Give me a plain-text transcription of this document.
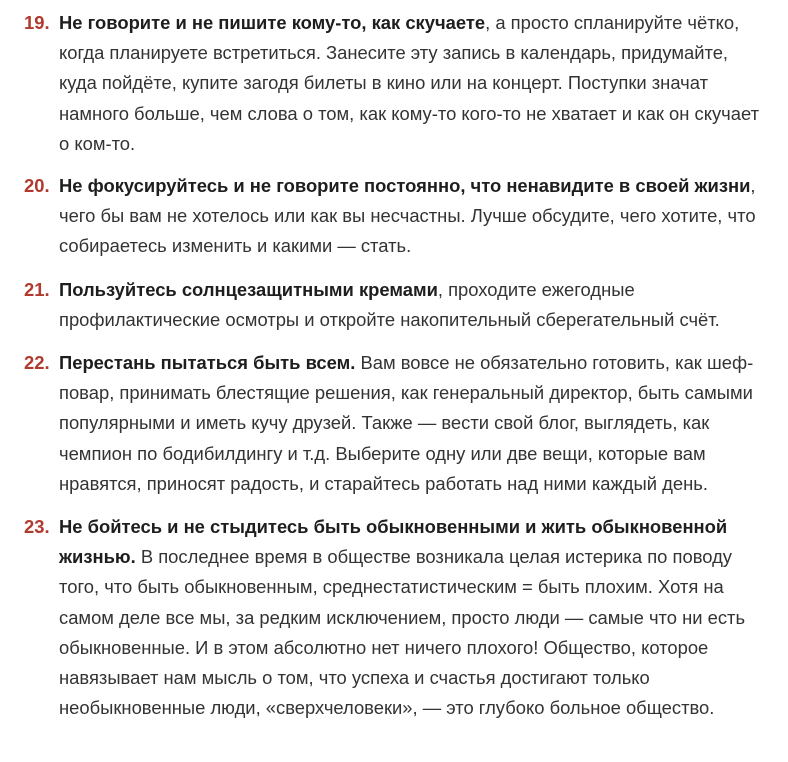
19. Не говорите и не пишите кому-то, как скучаете, а просто спланируйте чётко, когда планируете встретиться. Занесите эту запись в календарь, придумайте, куда пойдёте, купите загодя билеты в кино или на концерт. Поступки значат намного больше, чем слова о том, как кому-то кого-то не хватает и как он скучает о ком-то.
20. Не фокусируйтесь и не говорите постоянно, что ненавидите в своей жизни, чего бы вам не хотелось или как вы несчастны. Лучше обсудите, чего хотите, что собираетесь изменить и какими — стать.
21. Пользуйтесь солнцезащитными кремами, проходите ежегодные профилактические осмотры и откройте накопительный сберегательный счёт.
22. Перестань пытаться быть всем. Вам вовсе не обязательно готовить, как шеф-повар, принимать блестящие решения, как генеральный директор, быть самыми популярными и иметь кучу друзей. Также — вести свой блог, выглядеть, как чемпион по бодибилдингу и т.д. Выберите одну или две вещи, которые вам нравятся, приносят радость, и старайтесь работать над ними каждый день.
23. Не бойтесь и не стыдитесь быть обыкновенными и жить обыкновенной жизнью. В последнее время в обществе возникала целая истерика по поводу того, что быть обыкновенным, среднестатистическим = быть плохим. Хотя на самом деле все мы, за редким исключением, просто люди — самые что ни есть обыкновенные. И в этом абсолютно нет ничего плохого! Общество, которое навязывает нам мысль о том, что успеха и счастья достигают только необыкновенные люди, «сверхчеловеки», — это глубоко больное общество.
